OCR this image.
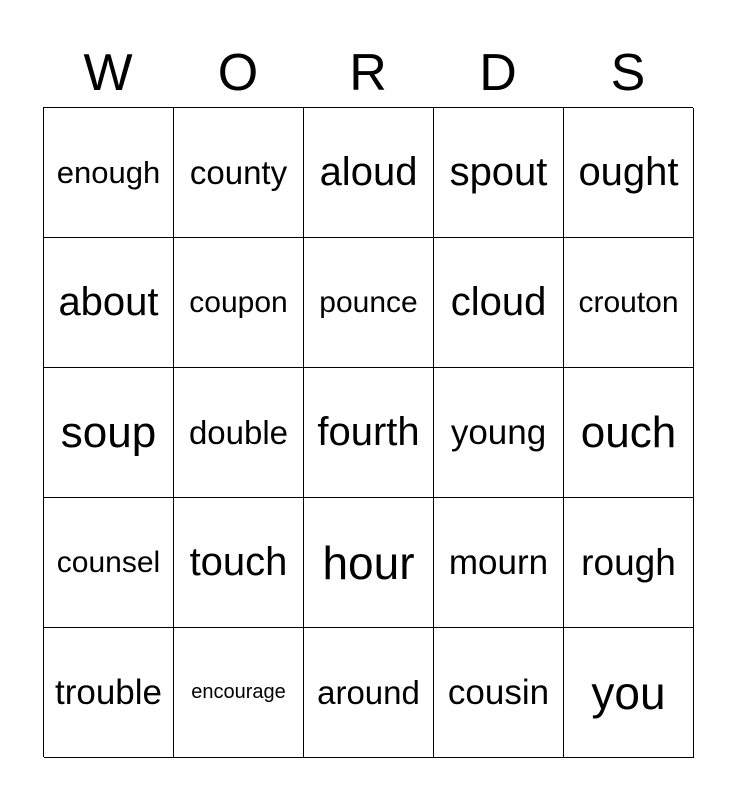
W	O	R	D	S
enough county aloud spout ought
about	coupon	pounce cloud	crouton
soup double fourth young ouch
counsel touch hour mourn rough
trouble	encourage around cousin you
